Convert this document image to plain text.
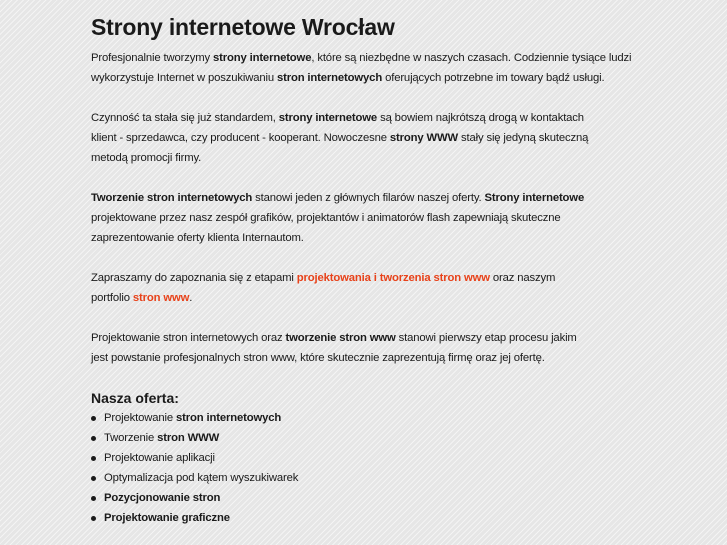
Strony internetowe Wrocław

Profesjonalnie tworzymy strony internetowe, które są niezbędne w naszych czasach. Codziennie tysiące ludzi
wykorzystuje Internet w poszukiwaniu stron internetowych oferujących potrzebne im towary bądź usługi.

Czynność ta stała się już standardem, strony internetowe są bowiem najkrótszą drogą w kontaktach
klient - sprzedawca, czy producent - kooperant. Nowoczesne strony WWW stały się jedyną skuteczną
metodą promocji firmy.

Tworzenie stron internetowych stanowi jeden z głównych filarów naszej oferty. Strony internetowe
projektowane przez nasz zespół grafików, projektantów i animatorów flash zapewniają skuteczne
zaprezentowanie oferty klienta Internautom.

Zapraszamy do zapoznania się z etapami projektowania i tworzenia stron www oraz naszym
portfolio stron www.

Projektowanie stron internetowych oraz tworzenie stron www stanowi pierwszy etap procesu jakim
jest powstanie profesjonalnych stron www, które skutecznie zaprezentują firmę oraz jej ofertę.

Nasza oferta:
Projektowanie stron internetowych
Tworzenie stron WWW
Projektowanie aplikacji
Optymalizacja pod kątem wyszukiwarek
Pozycjonowanie stron
Projektowanie graficzne
